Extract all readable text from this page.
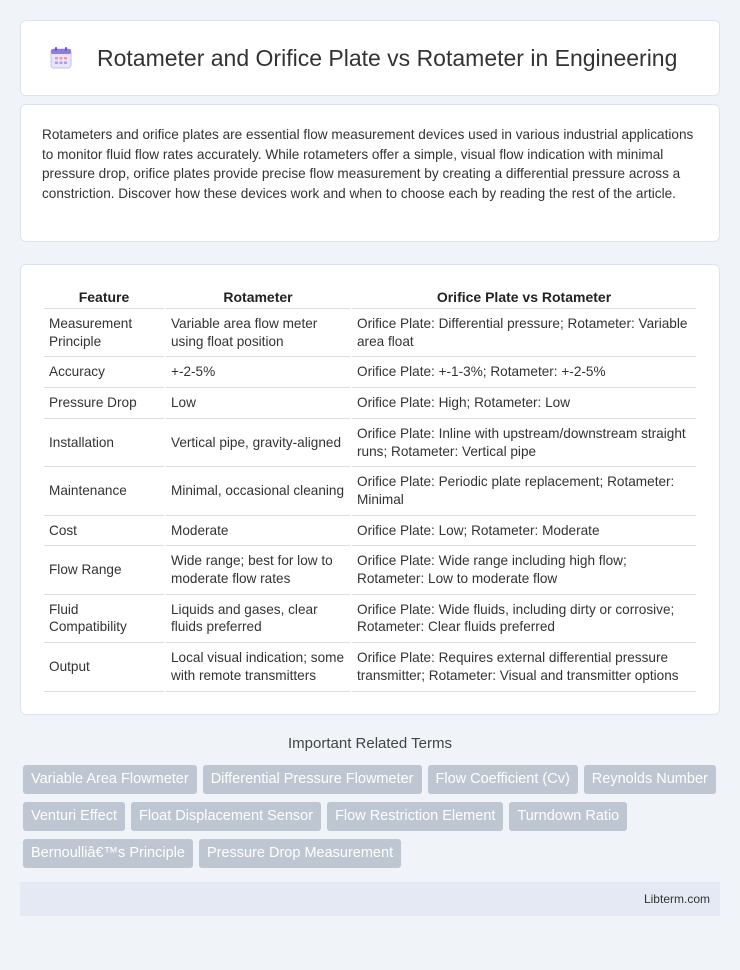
Rotameter and Orifice Plate vs Rotameter in Engineering

Rotameters and orifice plates are essential flow measurement devices used in various industrial applications to monitor fluid flow rates accurately. While rotameters offer a simple, visual flow indication with minimal pressure drop, orifice plates provide precise flow measurement by creating a differential pressure across a constriction. Discover how these devices work and when to choose each by reading the rest of the article.

Feature	Rotameter	Orifice Plate vs Rotameter
Measurement Principle	Variable area flow meter using float position	Orifice Plate: Differential pressure; Rotameter: Variable area float
Accuracy	+-2-5%	Orifice Plate: +-1-3%; Rotameter: +-2-5%
Pressure Drop	Low	Orifice Plate: High; Rotameter: Low
Installation	Vertical pipe, gravity-aligned	Orifice Plate: Inline with upstream/downstream straight runs; Rotameter: Vertical pipe
Maintenance	Minimal, occasional cleaning	Orifice Plate: Periodic plate replacement; Rotameter: Minimal
Cost	Moderate	Orifice Plate: Low; Rotameter: Moderate
Flow Range	Wide range; best for low to moderate flow rates	Orifice Plate: Wide range including high flow; Rotameter: Low to moderate flow
Fluid Compatibility	Liquids and gases, clear fluids preferred	Orifice Plate: Wide fluids, including dirty or corrosive; Rotameter: Clear fluids preferred
Output	Local visual indication; some with remote transmitters	Orifice Plate: Requires external differential pressure transmitter; Rotameter: Visual and transmitter options
Important Related Terms
Variable Area Flowmeter	Differential Pressure Flowmeter	Flow Coefficient (Cv)	Reynolds Number
Venturi Effect	Float Displacement Sensor	Flow Restriction Element	Turndown Ratio
Bernoulliâ€™s Principle	Pressure Drop Measurement
Libterm.com
